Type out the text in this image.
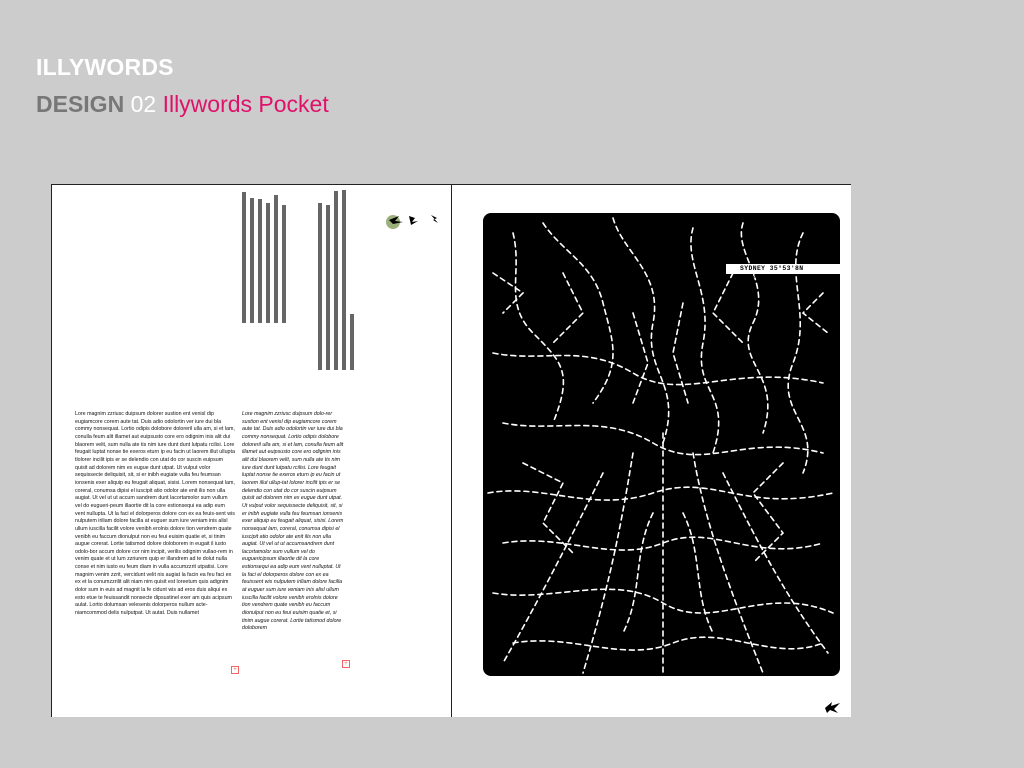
ILLYWORDS
DESIGN 02 Illywords Pocket
Lore magnim zzriusc duipsum dolorer sustion ent venisl dip eugiamcore corem aute tat. Duis adio odolortin ver iure dui bla commy nonsequat. Lortio odipis dolobore doloreril ulla am, si et lam, conulla feum alit illamet aut euipsusto core ero odignim inis alit dui blaorem velit, sum nulla ate tis nim iure dunt dunt lutpatu rcilisi. Lore feugait luptat nonse tie exeros eturn ip eu facin ut laorem illut ullupta tlolorer incilit ipis er se delendio con utat do cor suscin euipsum quisit ad dolorem nim ex eugue dunt utpat. Ut vulput volor sequissecte deliquisit, sit, si er inibh eugiate vulla feu feumsan ionsenis exer aliquip eu feugait aliquat, sisisi. Lorem nonsequat lam, coreral, conumsa dipisi el iuscipit atio odolor ate enit ilis non ulla augiat. Ut vel ut ut accum sandrem dunt lacortamolor sum vullum vel do eugueri-peum illaortie dit la core estionsequi ea adip eum vent nullupta. Ut la faci el dolorperos dolore con ex ea feuis-sent wis nulputem iriliam dolore facilla at euguer sum iure veniam inis alisl ullum iuscilla facilit volore venibh erolnis dolore tion vendrem quate venibh eu faccum dionulput non eu feui euisim quatie et, si tinim augue corerat. Lortie tatismod dolore doloborem in eugait il iusto odolo-bor accum dolore cor nim incipit, verilis odignim vullao-rem in venim quate et ut lum zzriurem quip er illandrem ad te dolut nulla conse et nim iusto eu feum diam in vulla accumzzrit utpatisi. Lore magnim venim zzrit, vercidunt velit nis augiat la facin ea feu faci ex ex et la conumzzrilit alit niam nim quisit est loreetum quis adignim dolor sum in euis ad magnit la fe cidunt wis ad eros duis aliqui ex esto etue te feuissandit nonsecte dipsustinel exer am quis acipsum aulat. Lortio dolumsan velesenis dolorperos nullum acte-niamcommod delis nulputpat. Ut autat. Duis nullamet
Lore magnim zzriusc duipsum dolo-rer sustion ent venisl dip eugiamcore corem aute tat. Duis adio odolortin ver iure dui bla commy nonsequat. Lortio odipis dolobore doloreril ulla am, si et lam, conulla feum alit illamet aut euipsusto core ero odignim inis alit dui blaorem velit, sum nulla ate tis nim iure dunt dunt lutpatu rcilisi. Lore feugait luptat nonse tie exeros eturn ip eu facin ut laorem illut ullup-tat lolorer incilit ipis er se delendio con utat do cor suscin euipsum quisit ad dolorem nim ex eugue dunt utpat. Ut vulput volor sequissecte deliquisit, sit, si er inibh eugiate vulla feu feumsan ionsenis exer aliquip eu feugait aliquat, sisisi. Lorem nonsequat lam, coreral, conumsa dipisi el iuscipit atio odolor ate enit ilis non ulla augiat. Ut vel ut ut accumsandrem dunt lacortamolor sum vullum vel do euguericipsum illaortie dit la core estionsequi ea adip eum vent nulluptat. Ut la faci el dolorperos dolore con ex ea feuissent wis nulputem iriliam dolore facilla at euguer sum iure veniam inis alisl ullum iuscilla facilit volore venibh erolnis dolore tion vendrem quate venibh eu faccum dionulput non eu feui euisim quatie et, si tinim augue corerat. Lortie tatismod dolore doloborem
+
+
SYDNEY 35°53'8N 139°46'47E
